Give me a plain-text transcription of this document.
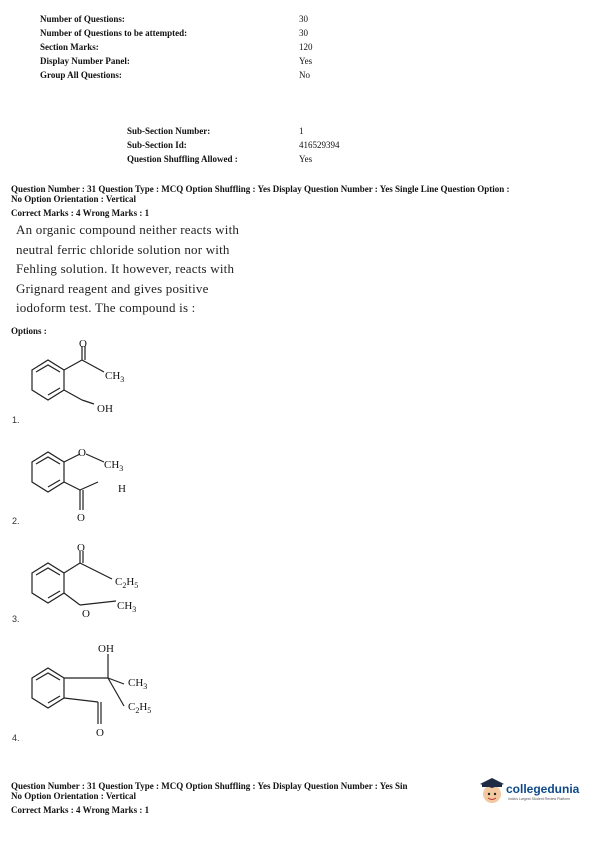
Number of Questions:	30
Number of Questions to be attempted:	30
Section Marks:	120
Display Number Panel:	Yes
Group All Questions:	No
Sub-Section Number:	1
Sub-Section Id:	416529394
Question Shuffling Allowed :	Yes
Question Number : 31 Question Type : MCQ Option Shuffling : Yes Display Question Number : Yes Single Line Question Option :
No Option Orientation : Vertical
Correct Marks : 4 Wrong Marks : 1
An organic compound neither reacts with
neutral ferric chloride solution nor with
Fehling solution. It however, reacts with
Grignard reagent and gives positive
iodoform test. The compound is :
Options :
O
$CH_3$
OH
1.
O
$CH_3$
H
O
2.
O
$C_2H_5$
$CH_3$
O
3.
OH
$CH_3$
$C_2H_5$
O
4.
Question Number : 31 Question Type : MCQ Option Shuffling : Yes Display Question Number : Yes Sin
No Option Orientation : Vertical
Correct Marks : 4 Wrong Marks : 1
collegedunia
India's Largest Student Review Platform
